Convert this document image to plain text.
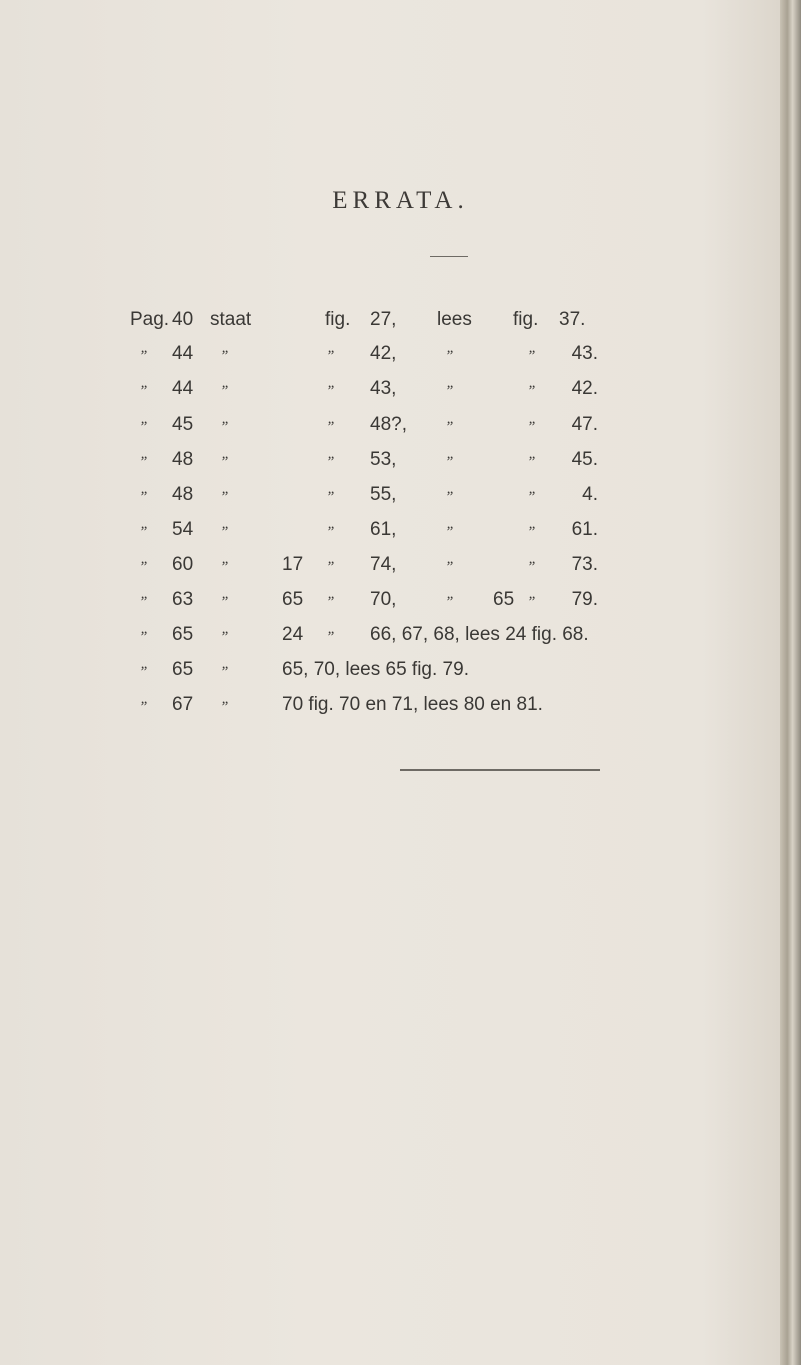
ERRATA.
Pag. 40 staat	fig. 27, lees fig. 37.
” 44 ”	” 42,	”	”	43.
” 44 ”	” 43,	”	”	42.
” 45 ”	” 48?,	”	”	47.
” 48 ”	” 53,	”	”	45.
” 48 ”	” 55,	”	”	4.
” 54 ”	” 61,	”	”	61.
” 60 ”	17 ” 74,	”	”	73.
” 63 ”	65 ” 70,	” 65 ”	79.
” 65 ”	24 ” 66, 67, 68, lees 24 fig. 68.
” 65 ”	65, 70, lees 65 fig. 79.
” 67 ”	70 fig. 70 en 71, lees 80 en 81.
